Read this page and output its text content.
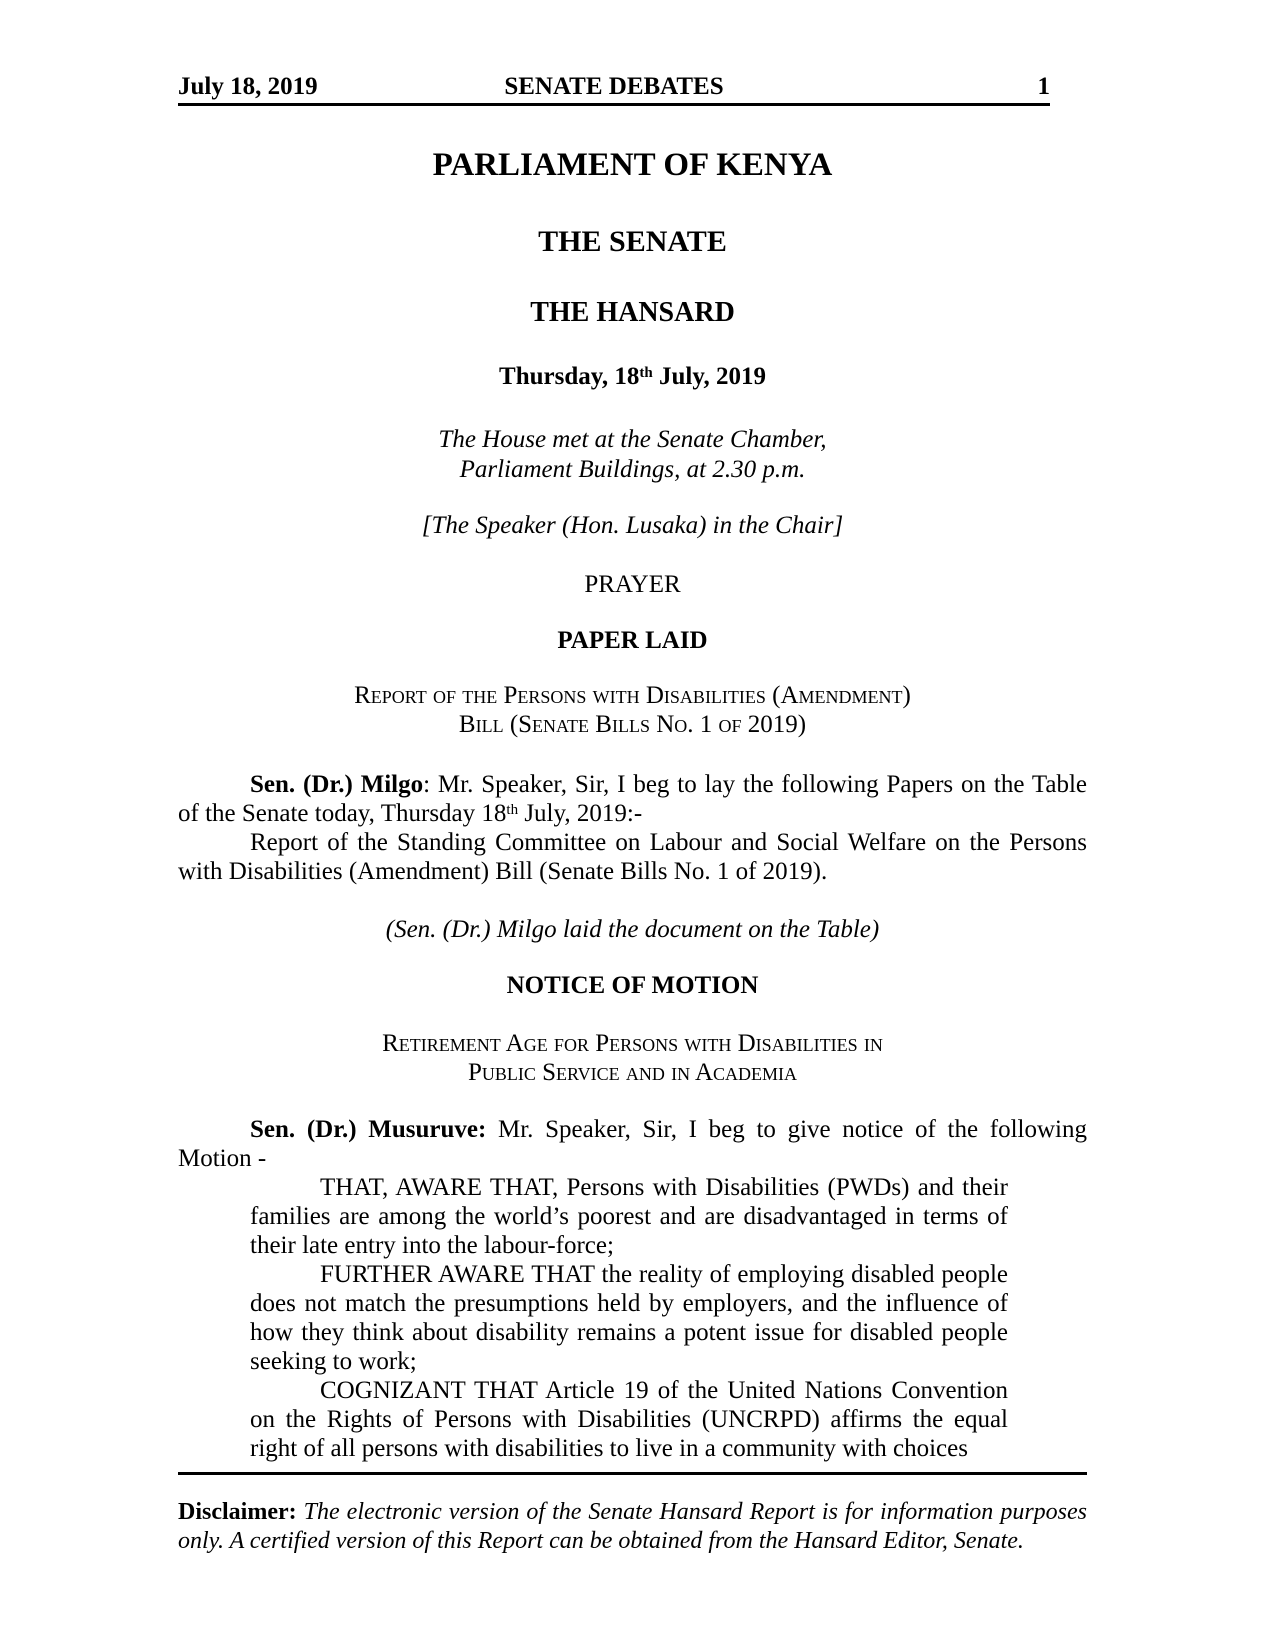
July 18, 2019	SENATE DEBATES	1
PARLIAMENT OF KENYA
THE SENATE
THE HANSARD

Thursday, 18th July, 2019

The House met at the Senate Chamber,
Parliament Buildings, at 2.30 p.m.

[The Speaker (Hon. Lusaka) in the Chair]

PRAYER

PAPER LAID

Report of the Persons with Disabilities (Amendment)
Bill (Senate Bills No. 1 of 2019)

Sen. (Dr.) Milgo: Mr. Speaker, Sir, I beg to lay the following Papers on the Table of the Senate today, Thursday 18th July, 2019:-

Report of the Standing Committee on Labour and Social Welfare on the Persons with Disabilities (Amendment) Bill (Senate Bills No. 1 of 2019).

(Sen. (Dr.) Milgo laid the document on the Table)

NOTICE OF MOTION

Retirement Age for Persons with Disabilities in
Public Service and in Academia

Sen. (Dr.) Musuruve: Mr. Speaker, Sir, I beg to give notice of the following Motion -

THAT, AWARE THAT, Persons with Disabilities (PWDs) and their families are among the world’s poorest and are disadvantaged in terms of their late entry into the labour-force;

FURTHER AWARE THAT the reality of employing disabled people does not match the presumptions held by employers, and the influence of how they think about disability remains a potent issue for disabled people seeking to work;

COGNIZANT THAT Article 19 of the United Nations Convention on the Rights of Persons with Disabilities (UNCRPD) affirms the equal right of all persons with disabilities to live in a community with choices

Disclaimer: The electronic version of the Senate Hansard Report is for information purposes only. A certified version of this Report can be obtained from the Hansard Editor, Senate.
